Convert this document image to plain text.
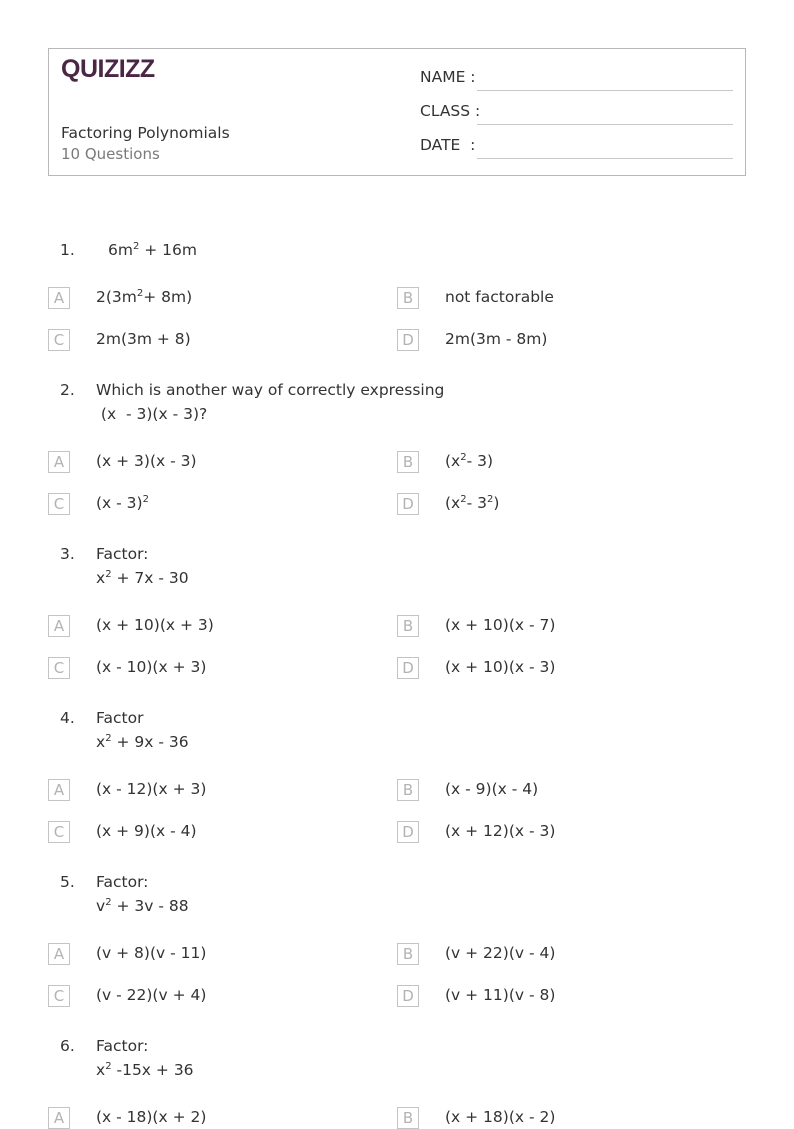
QUIZIZZ
Factoring Polynomials
10 Questions
NAME :
CLASS :
DATE  :
1. $6m^2 + 16m$
A	$2(3m^2+ 8m)$	B	not factorable
C	2m(3m + 8)	D	2m(3m - 8m)
2. Which is another way of correctly expressing
(x  - 3)(x - 3)?
A	(x + 3)(x - 3)	B	($x^2-$ 3)
C	(x - 3)$^2$	D	($x^2-$ $3^2$)
3. Factor:
$x^2 + 7x - 30$
A	(x + 10)(x + 3)	B	(x + 10)(x - 7)
C	(x - 10)(x + 3)	D	(x + 10)(x - 3)
4. Factor
$x^2 + 9x - 36$
A	(x - 12)(x + 3)	B	(x - 9)(x - 4)
C	(x + 9)(x - 4)	D	(x + 12)(x - 3)
5. Factor:
$v^2 + 3v - 88$
A	(v + 8)(v - 11)	B	(v + 22)(v - 4)
C	(v - 22)(v + 4)	D	(v + 11)(v - 8)
6. Factor:
$x^2$ -15x + 36
A	(x - 18)(x + 2)	B	(x + 18)(x - 2)
